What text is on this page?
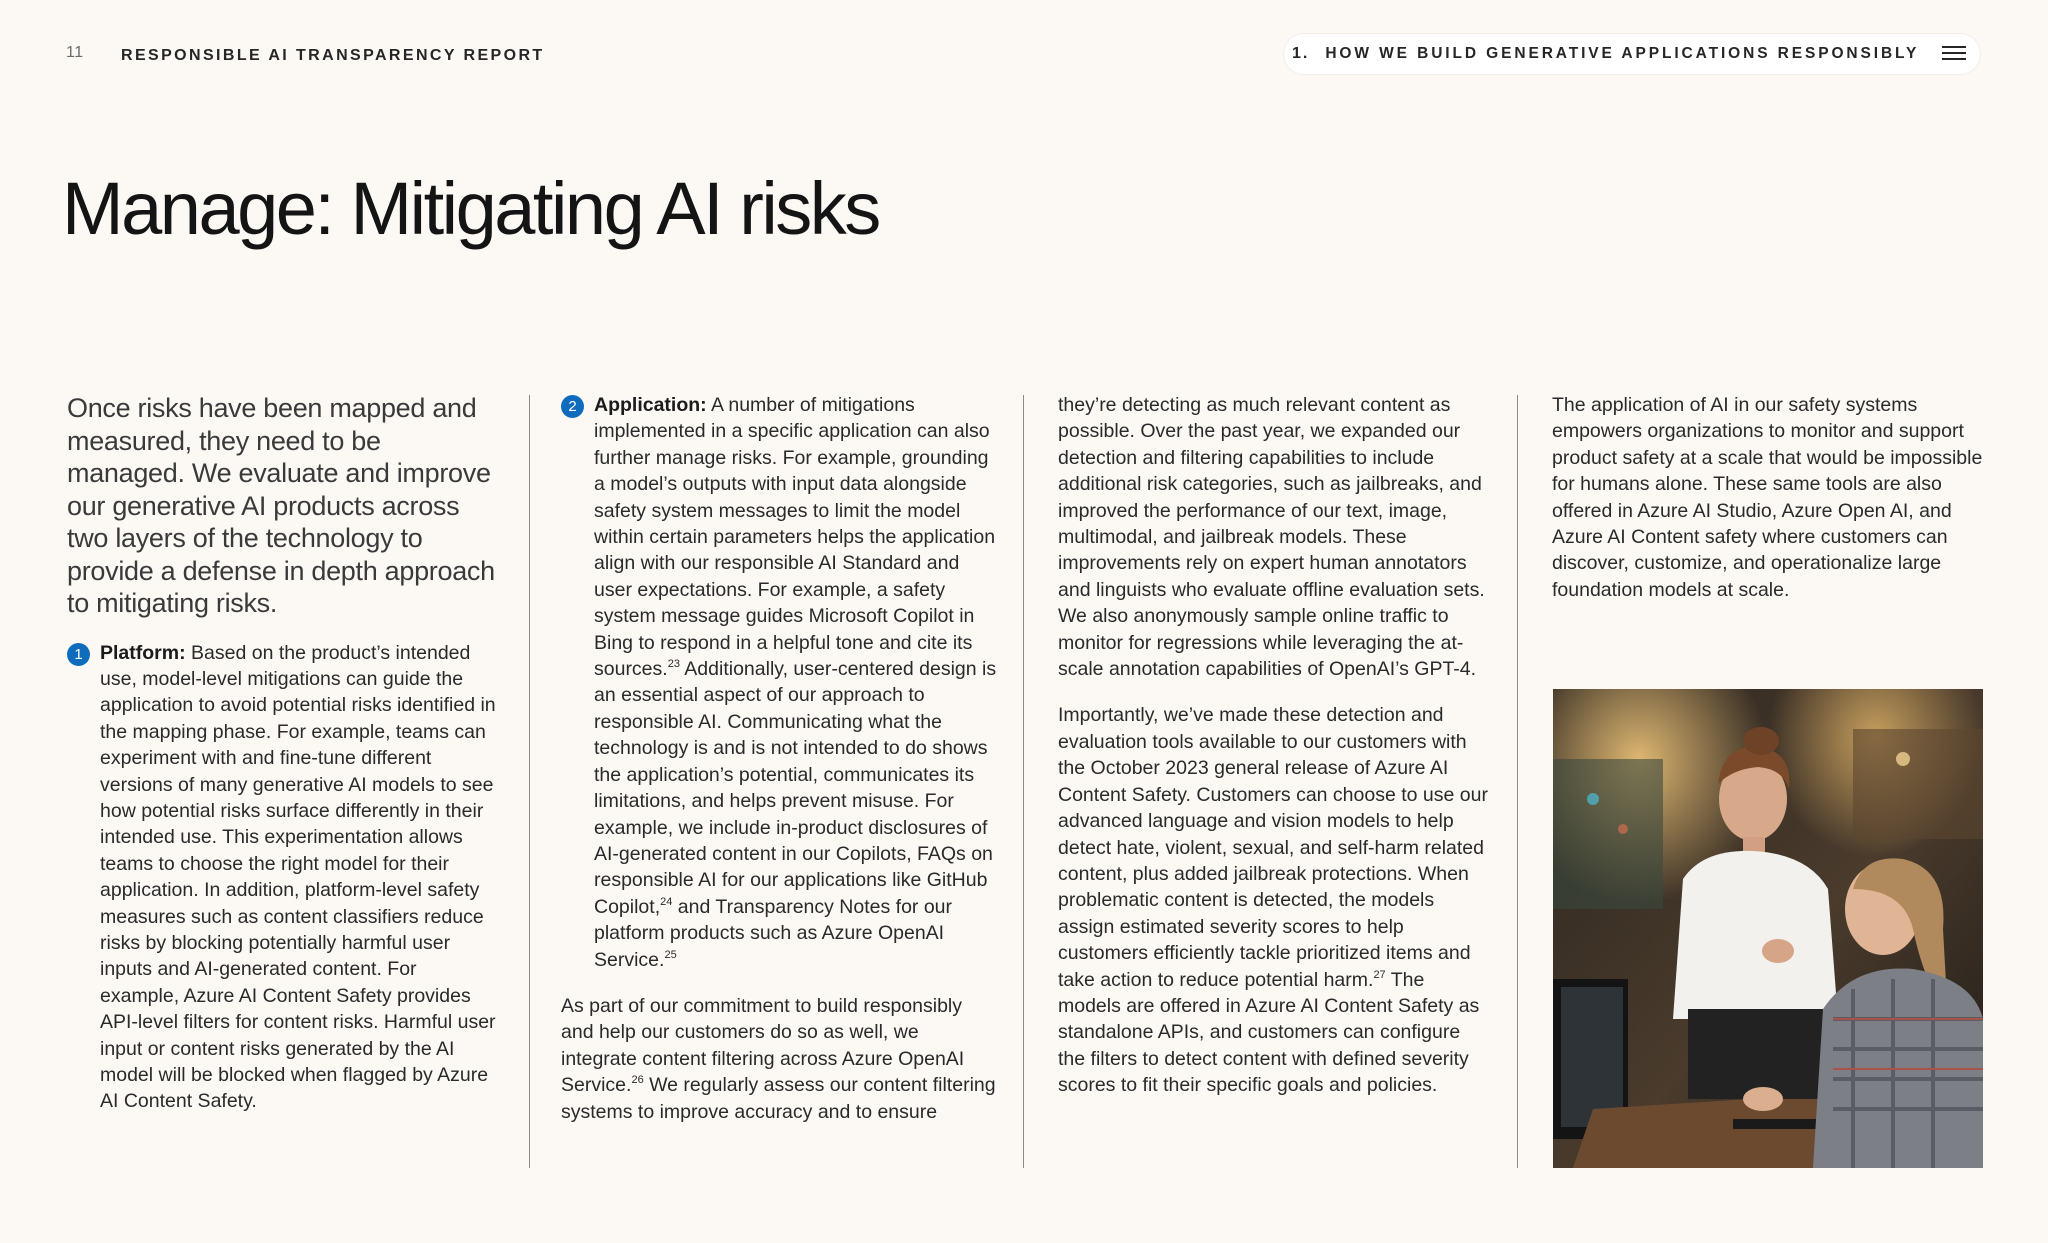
11 RESPONSIBLE AI TRANSPARENCY REPORT	1. HOW WE BUILD GENERATIVE APPLICATIONS RESPONSIBLY
Manage: Mitigating AI risks
Once risks have been mapped and measured, they need to be managed. We evaluate and improve our generative AI products across two layers of the technology to provide a defense in depth approach to mitigating risks.
1 Platform: Based on the product’s intended use, model-level mitigations can guide the application to avoid potential risks identified in the mapping phase. For example, teams can experiment with and fine-tune different versions of many generative AI models to see how potential risks surface differently in their intended use. This experimentation allows teams to choose the right model for their application. In addition, platform-level safety measures such as content classifiers reduce risks by blocking potentially harmful user inputs and AI-generated content. For example, Azure AI Content Safety provides API-level filters for content risks. Harmful user input or content risks generated by the AI model will be blocked when flagged by Azure AI Content Safety.
2 Application: A number of mitigations implemented in a specific application can also further manage risks. For example, grounding a model’s outputs with input data alongside safety system messages to limit the model within certain parameters helps the application align with our responsible AI Standard and user expectations. For example, a safety system message guides Microsoft Copilot in Bing to respond in a helpful tone and cite its sources.$^{23}$ Additionally, user-centered design is an essential aspect of our approach to responsible AI. Communicating what the technology is and is not intended to do shows the application’s potential, communicates its limitations, and helps prevent misuse. For example, we include in-product disclosures of AI-generated content in our Copilots, FAQs on responsible AI for our applications like GitHub Copilot,$^{24}$ and Transparency Notes for our platform products such as Azure OpenAI Service.$^{25}$

As part of our commitment to build responsibly and help our customers do so as well, we integrate content filtering across Azure OpenAI Service.$^{26}$ We regularly assess our content filtering systems to improve accuracy and to ensure

they’re detecting as much relevant content as possible. Over the past year, we expanded our detection and filtering capabilities to include additional risk categories, such as jailbreaks, and improved the performance of our text, image, multimodal, and jailbreak models. These improvements rely on expert human annotators and linguists who evaluate offline evaluation sets. We also anonymously sample online traffic to monitor for regressions while leveraging the at-scale annotation capabilities of OpenAI’s GPT-4.

Importantly, we’ve made these detection and evaluation tools available to our customers with the October 2023 general release of Azure AI Content Safety. Customers can choose to use our advanced language and vision models to help detect hate, violent, sexual, and self-harm related content, plus added jailbreak protections. When problematic content is detected, the models assign estimated severity scores to help customers efficiently tackle prioritized items and take action to reduce potential harm.$^{27}$ The models are offered in Azure AI Content Safety as standalone APIs, and customers can configure the filters to detect content with defined severity scores to fit their specific goals and policies.

The application of AI in our safety systems empowers organizations to monitor and support product safety at a scale that would be impossible for humans alone. These same tools are also offered in Azure AI Studio, Azure Open AI, and Azure AI Content safety where customers can discover, customize, and operationalize large foundation models at scale.
